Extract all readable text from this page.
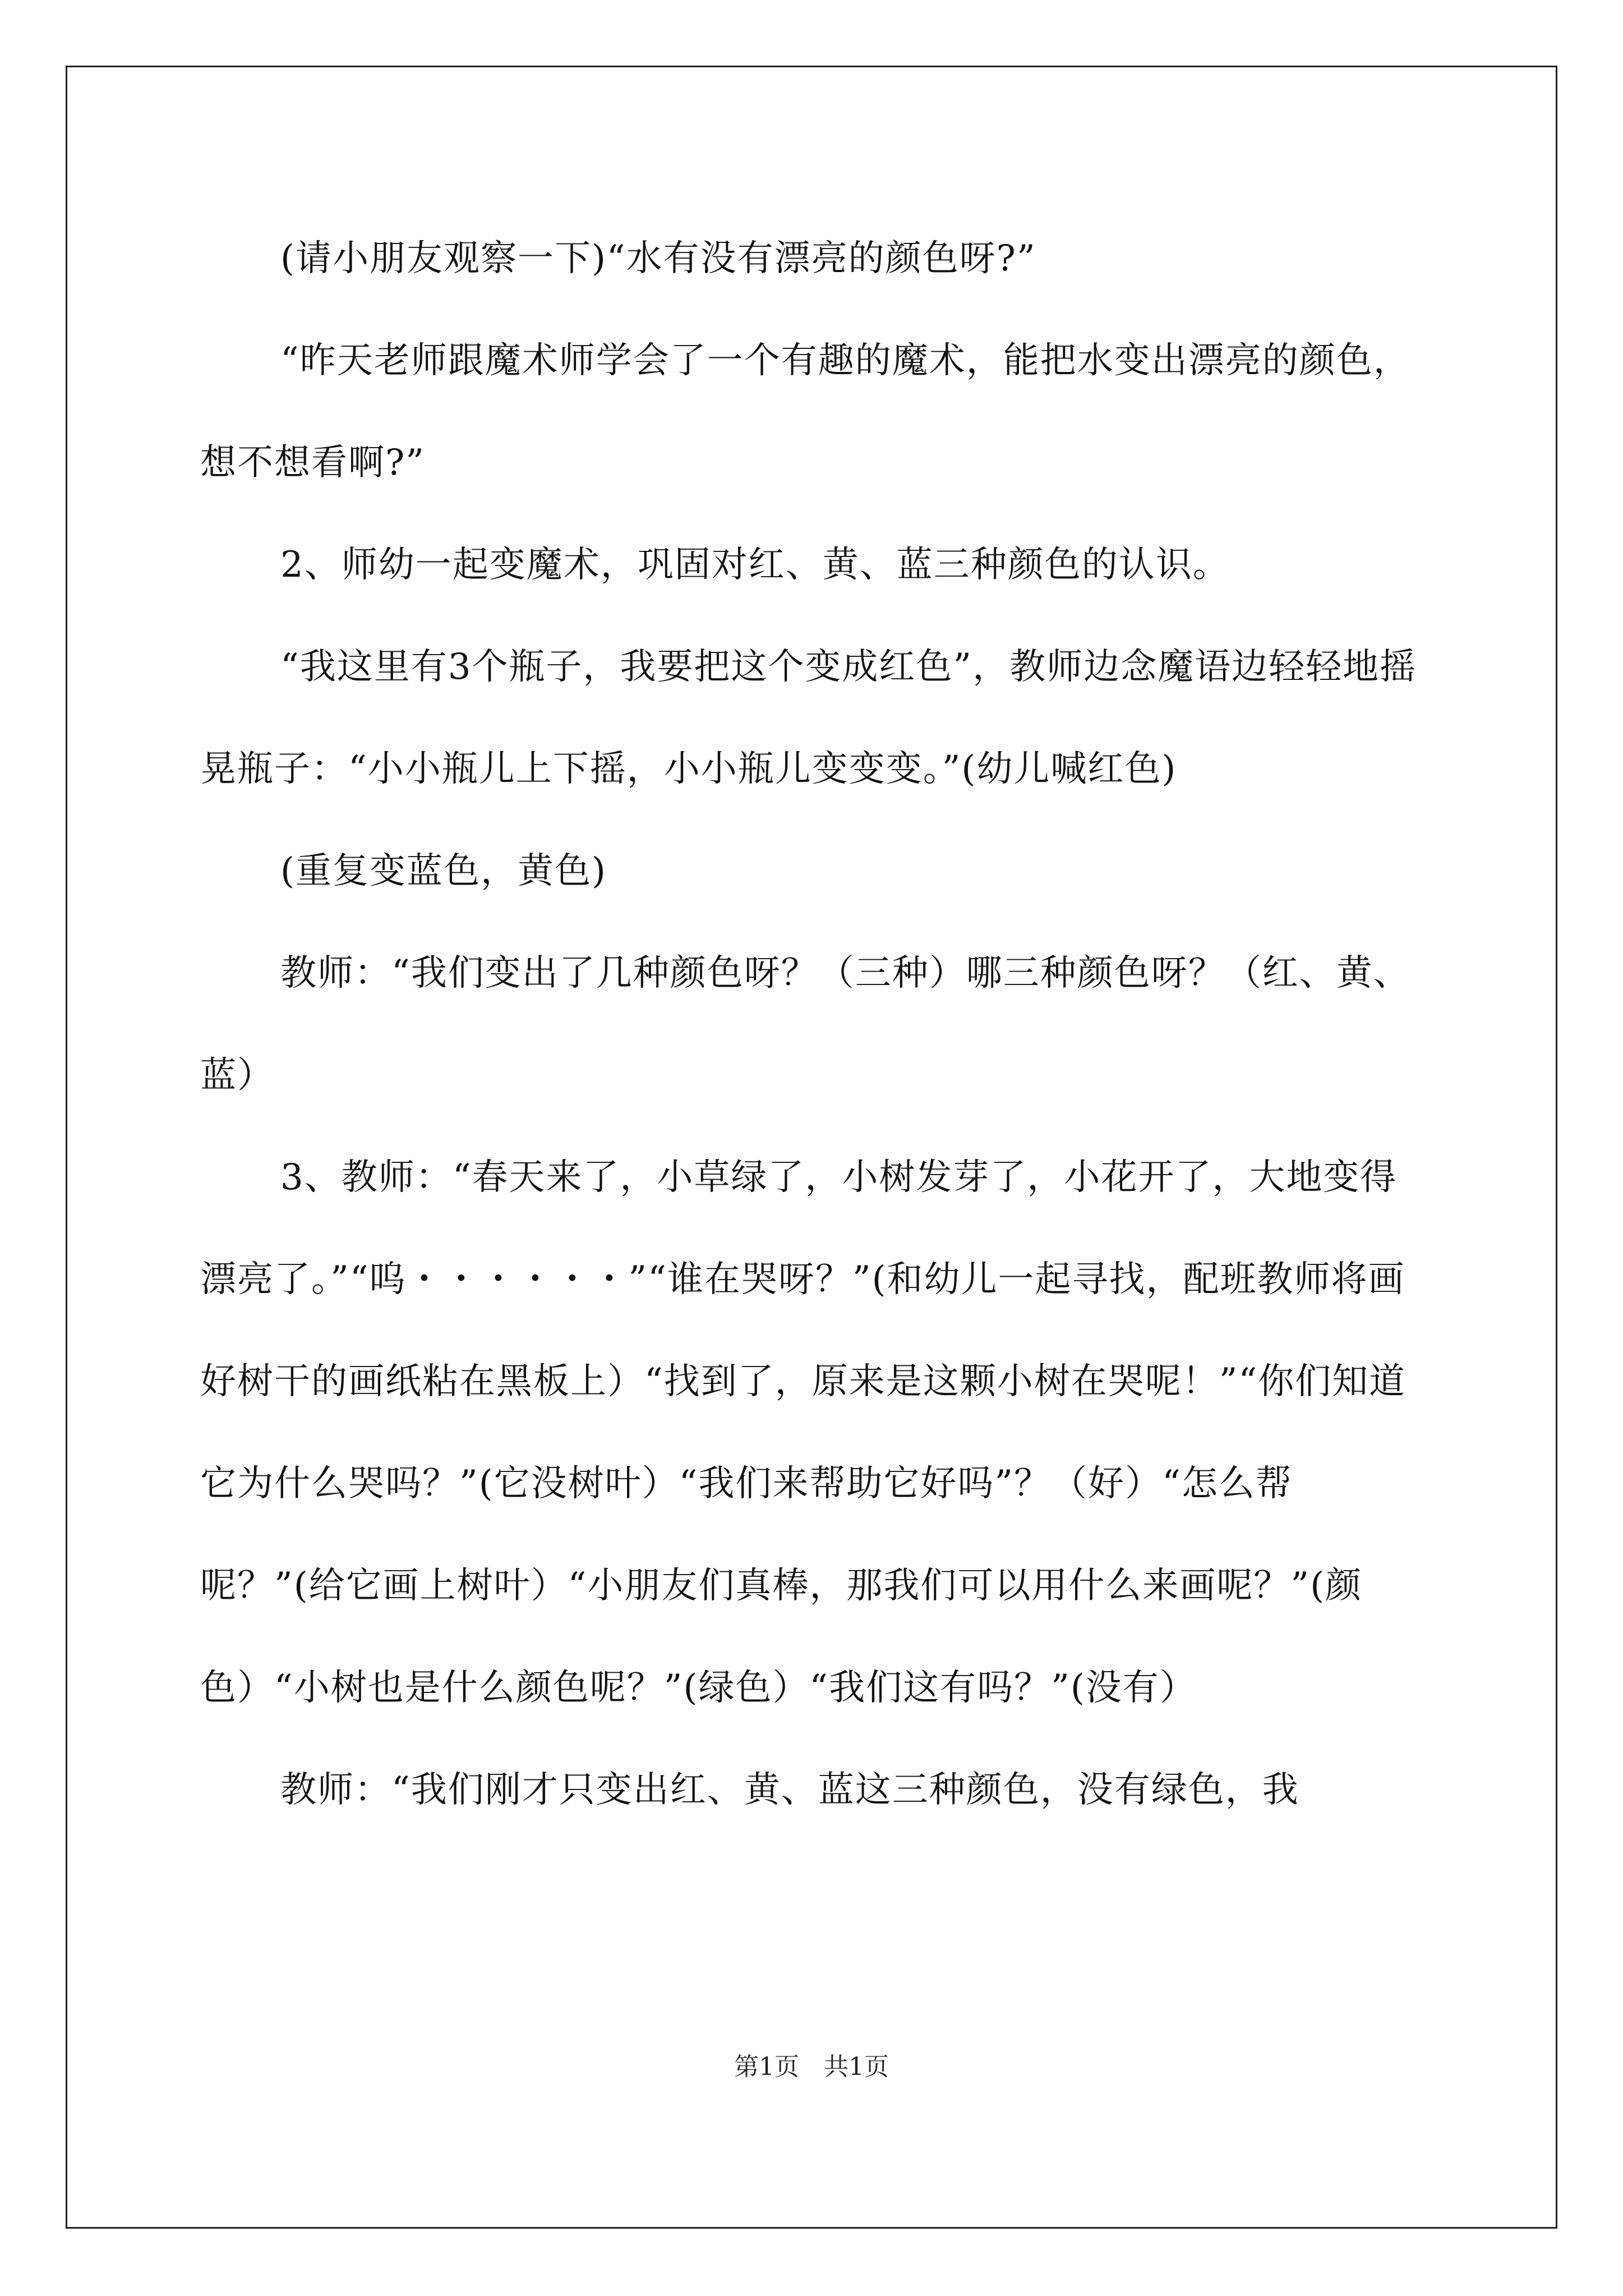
(请小朋友观察一下)“水有没有漂亮的颜色呀?”

“昨天老师跟魔术师学会了一个有趣的魔术，能把水变出漂亮的颜色，想不想看啊?”

2、师幼一起变魔术，巩固对红、黄、蓝三种颜色的认识。

“我这里有3个瓶子，我要把这个变成红色”，教师边念魔语边轻轻地摇晃瓶子：“小小瓶儿上下摇，小小瓶儿变变变。”(幼儿喊红色)

(重复变蓝色，黄色)

教师：“我们变出了几种颜色呀？（三种）哪三种颜色呀？（红、黄、蓝）

3、教师：“春天来了，小草绿了，小树发芽了，小花开了，大地变得漂亮了。”“呜・・・・・・”“谁在哭呀？”(和幼儿一起寻找，配班教师将画好树干的画纸粘在黑板上）“找到了，原来是这颗小树在哭呢！”“你们知道它为什么哭吗？”(它没树叶）“我们来帮助它好吗”？（好）“怎么帮呢？”(给它画上树叶）“小朋友们真棒，那我们可以用什么来画呢？”(颜色）“小树也是什么颜色呢？”(绿色）“我们这有吗？”(没有）

教师：“我们刚才只变出红、黄、蓝这三种颜色，没有绿色，我

第1页　共1页
